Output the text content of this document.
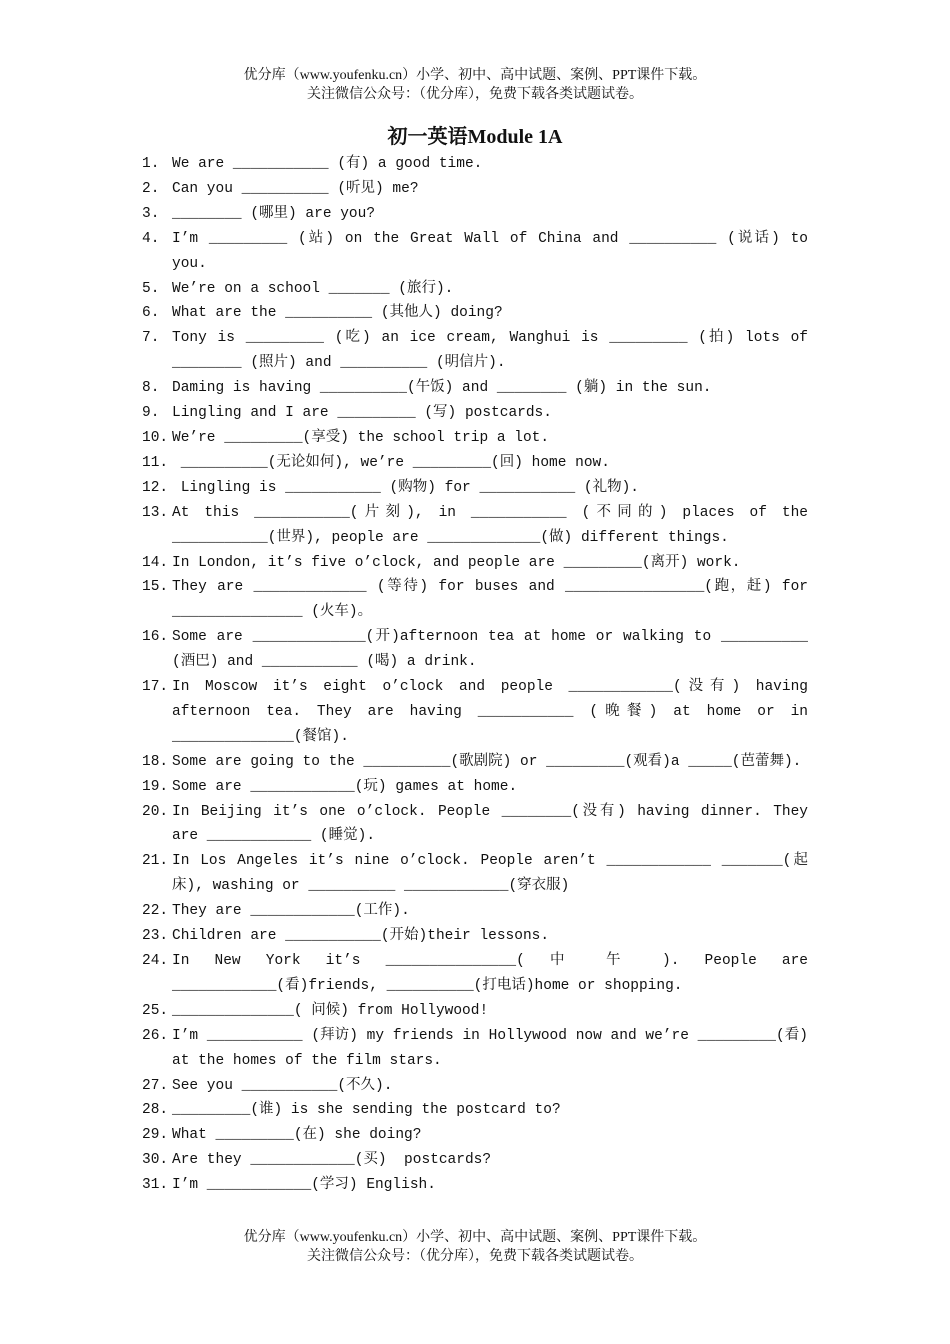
优分库（www.youfenku.cn）小学、初中、高中试题、案例、PPT课件下载。
关注微信公众号：（优分库），免费下载各类试题试卷。
初一英语Module 1A
1. We are ___________ (有) a good time.
2. Can you __________ (听见) me?
3. ________ (哪里) are you?
4. I’m _________ (站) on the Great Wall of China and __________ (说话) to you.
5. We’re on a school _______ (旅行).
6. What are the __________ (其他人) doing?
7. Tony is _________ (吃) an ice cream, Wanghui is _________ (拍) lots of ________ (照片) and __________ (明信片).
8. Daming is having __________(午饭) and ________ (躺) in the sun.
9. Lingling and I are _________ (写) postcards.
10. We’re _________(享受) the school trip a lot.
11. __________(无论如何), we’re _________(回) home now.
12. Lingling is ___________ (购物) for ___________ (礼物).
13. At this ___________(片刻), in ___________ (不同的) places of the ___________(世界), people are _____________(做) different things.
14. In London, it’s five o’clock, and people are _________(离开) work.
15. They are _____________ (等待) for buses and ________________(跑，赶) for _______________ (火车)。
16. Some are _____________(开)afternoon tea at home or walking to __________ (酒巴) and ___________ (喝) a drink.
17. In Moscow it’s eight o’clock and people ____________(没有) having afternoon tea. They are having ___________ (晚餐) at home or in ______________(餐馆).
18. Some are going to the __________(歌剧院) or _________(观看)a _____(芭蕾舞).
19. Some are ____________(玩) games at home.
20. In Beijing it’s one o’clock. People ________(没有) having dinner. They are ____________ (睡觉).
21. In Los Angeles it’s nine o’clock. People aren’t ____________ _______(起床), washing or __________ ____________(穿衣服)
22. They are ____________(工作).
23. Children are ___________(开始)their lessons.
24. In New York it’s _______________( 中 午 ). People are ____________(看)friends, __________(打电话)home or shopping.
25. ______________( 问候) from Hollywood!
26. I’m ___________ (拜访) my friends in Hollywood now and we’re _________(看) at the homes of the film stars.
27. See you ___________(不久).
28. _________(谁) is she sending the postcard to?
29. What _________(在) she doing?
30. Are they ____________(买)  postcards?
31. I’m ____________(学习) English.
优分库（www.youfenku.cn）小学、初中、高中试题、案例、PPT课件下载。
关注微信公众号：（优分库），免费下载各类试题试卷。
